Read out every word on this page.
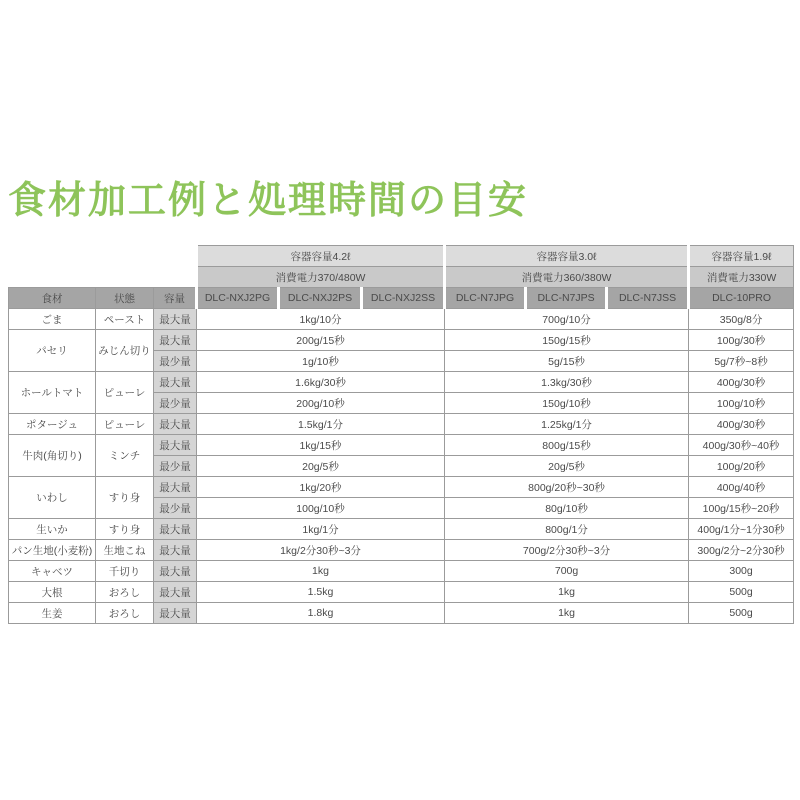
食材加工例と処理時間の目安
			容器容量4.2ℓ			容器容量3.0ℓ			容器容量1.9ℓ
			消費電力370/480W			消費電力360/380W			消費電力330W
食材	状態	容量	DLC-NXJ2PG	DLC-NXJ2PS	DLC-NXJ2SS	DLC-N7JPG	DLC-N7JPS	DLC-N7JSS	DLC-10PRO
ごま	ペースト	最大量	1kg/10分			700g/10分			350g/8分
パセリ	みじん切り	最大量	200g/15秒			150g/15秒			100g/30秒
		最少量	1g/10秒			5g/15秒			5g/7秒~8秒
ホールトマト	ピューレ	最大量	1.6kg/30秒			1.3kg/30秒			400g/30秒
		最少量	200g/10秒			150g/10秒			100g/10秒
ポタージュ	ピューレ	最大量	1.5kg/1分			1.25kg/1分			400g/30秒
牛肉(角切り)	ミンチ	最大量	1kg/15秒			800g/15秒			400g/30秒~40秒
		最少量	20g/5秒			20g/5秒			100g/20秒
いわし	すり身	最大量	1kg/20秒			800g/20秒~30秒			400g/40秒
		最少量	100g/10秒			80g/10秒			100g/15秒~20秒
生いか	すり身	最大量	1kg/1分			800g/1分			400g/1分~1分30秒
パン生地(小麦粉)	生地こね	最大量	1kg/2分30秒~3分			700g/2分30秒~3分			300g/2分~2分30秒
キャベツ	千切り	最大量	1kg			700g			300g
大根	おろし	最大量	1.5kg			1kg			500g
生姜	おろし	最大量	1.8kg			1kg			500g
